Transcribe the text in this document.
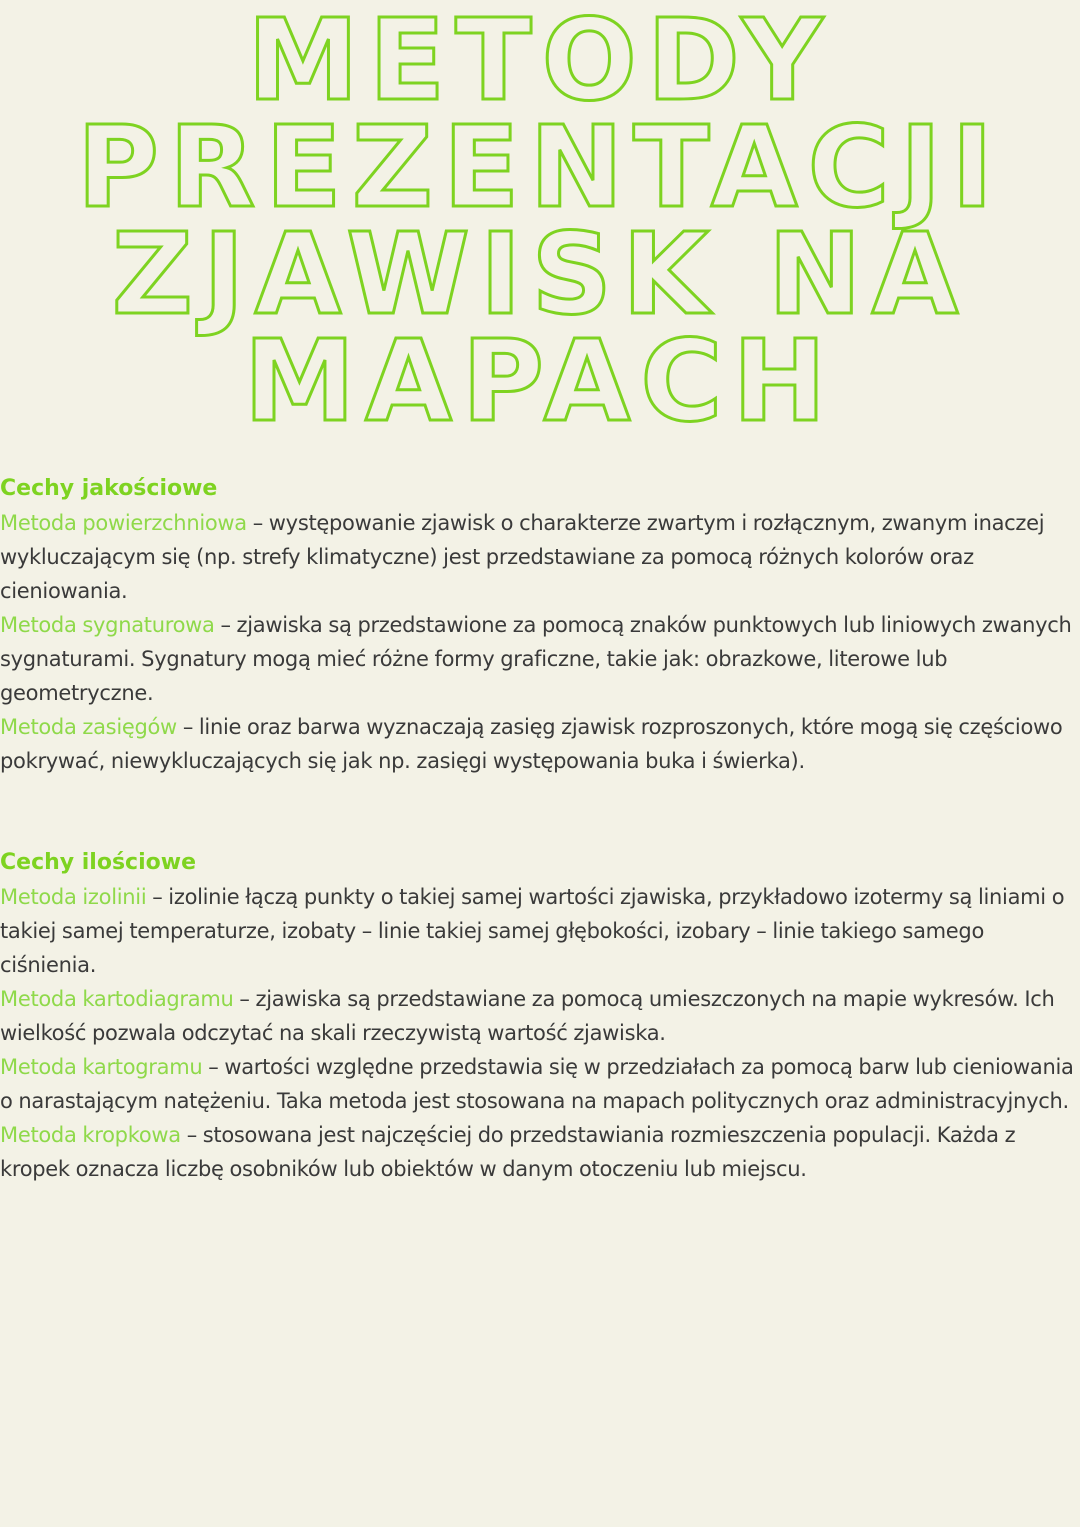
METODY
PREZENTACJI
ZJAWISK NA
MAPACH
Cechy jakościowe

Metoda powierzchniowa – występowanie zjawisk o charakterze zwartym i rozłącznym, zwanym inaczej wykluczającym się (np. strefy klimatyczne) jest przedstawiane za pomocą różnych kolorów oraz cieniowania.

Metoda sygnaturowa – zjawiska są przedstawione za pomocą znaków punktowych lub liniowych zwanych sygnaturami. Sygnatury mogą mieć różne formy graficzne, takie jak: obrazkowe, literowe lub geometryczne.

Metoda zasięgów – linie oraz barwa wyznaczają zasięg zjawisk rozproszonych, które mogą się częściowo pokrywać, niewykluczających się jak np. zasięgi występowania buka i świerka).

Cechy ilościowe

Metoda izolinii – izolinie łączą punkty o takiej samej wartości zjawiska, przykładowo izotermy są liniami o takiej samej temperaturze, izobaty – linie takiej samej głębokości, izobary – linie takiego samego ciśnienia.

Metoda kartodiagramu – zjawiska są przedstawiane za pomocą umieszczonych na mapie wykresów. Ich wielkość pozwala odczytać na skali rzeczywistą wartość zjawiska.

Metoda kartogramu – wartości względne przedstawia się w przedziałach za pomocą barw lub cieniowania o narastającym natężeniu. Taka metoda jest stosowana na mapach politycznych oraz administracyjnych.

Metoda kropkowa – stosowana jest najczęściej do przedstawiania rozmieszczenia populacji. Każda z kropek oznacza liczbę osobników lub obiektów w danym otoczeniu lub miejscu.
